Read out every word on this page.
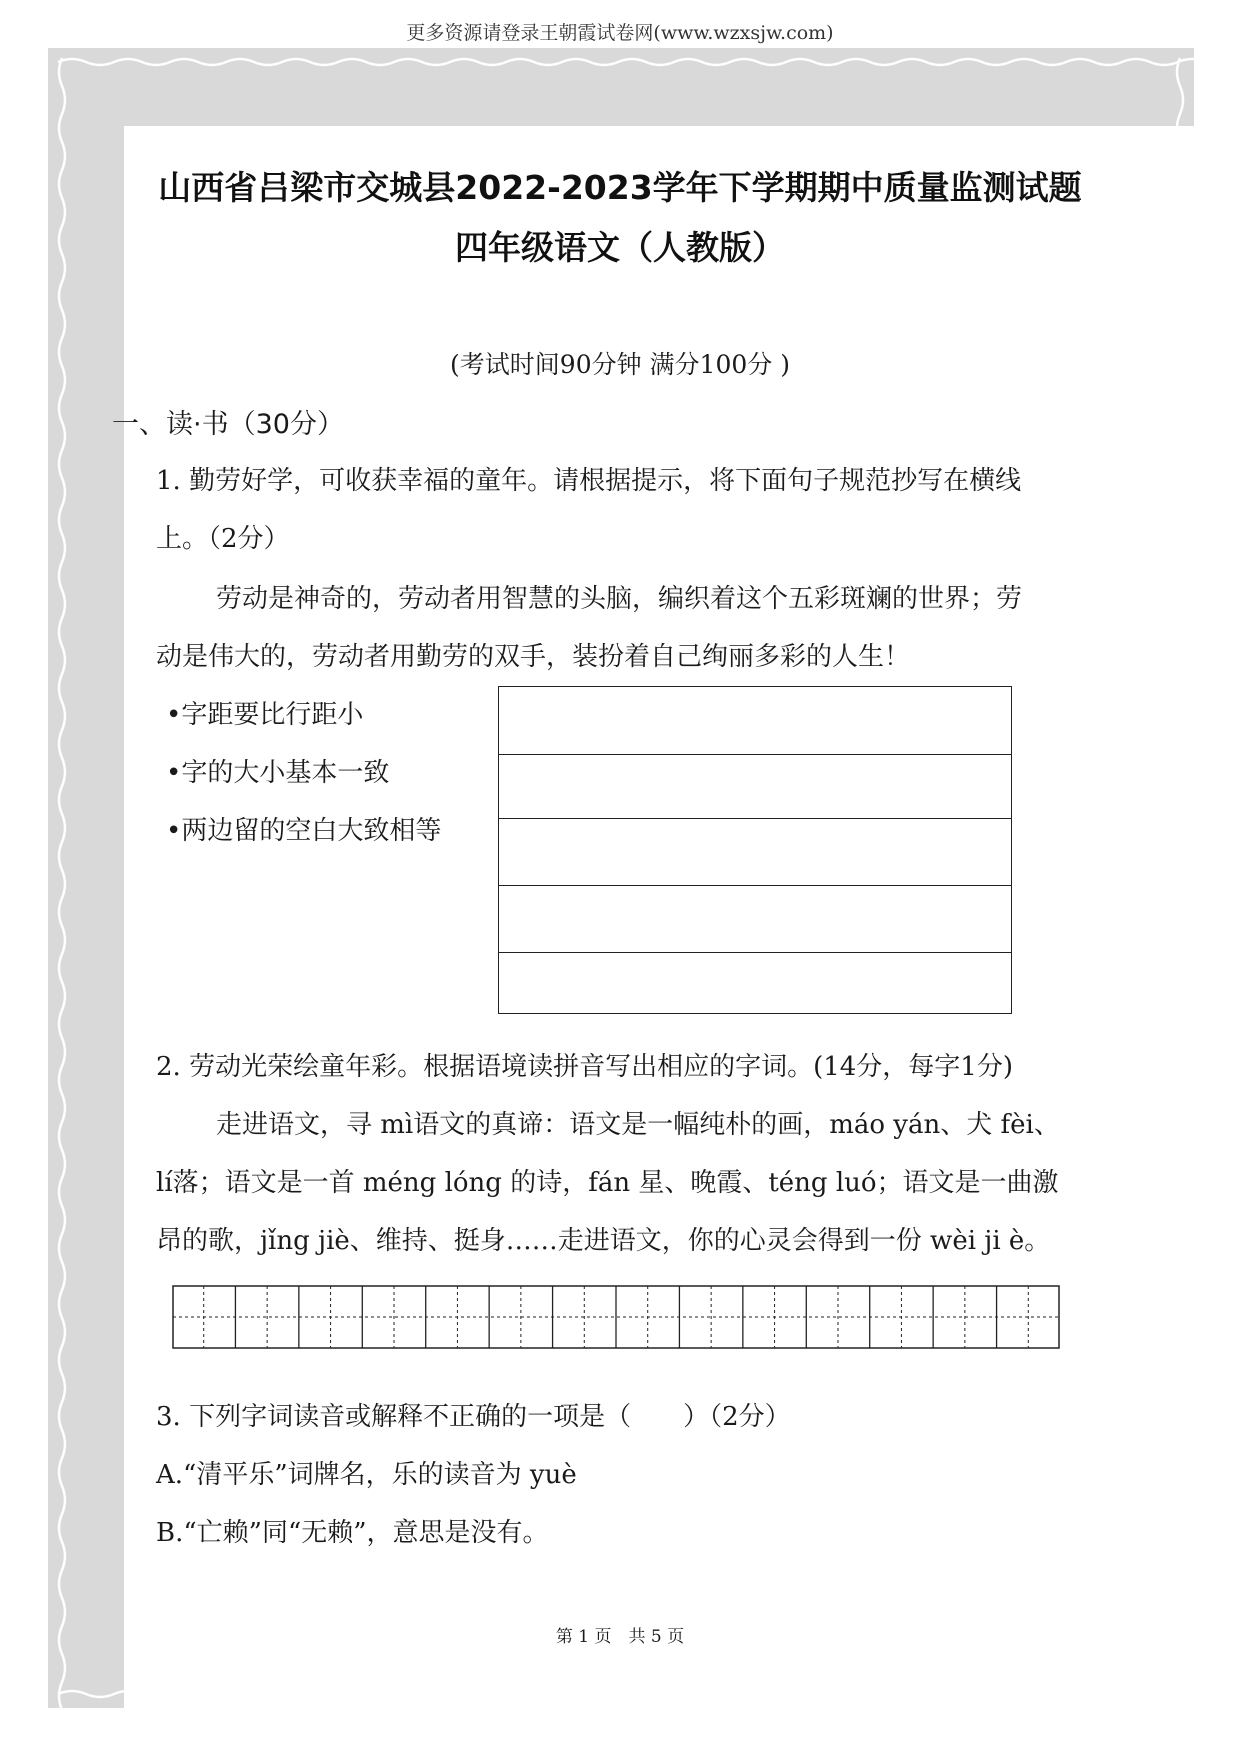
更多资源请登录王朝霞试卷网(www.wzxsjw.com)
山西省吕梁市交城县2022-2023学年下学期期中质量监测试题
四年级语文（人教版）
(考试时间90分钟 满分100分 )
一、读·书（30分）
1. 勤劳好学，可收获幸福的童年。请根据提示，将下面句子规范抄写在横线
上。（2分）
劳动是神奇的，劳动者用智慧的头脑，编织着这个五彩斑斓的世界；劳
动是伟大的，劳动者用勤劳的双手，装扮着自己绚丽多彩的人生！
•字距要比行距小
•字的大小基本一致
•两边留的空白大致相等
2. 劳动光荣绘童年彩。根据语境读拼音写出相应的字词。(14分，每字1分)
走进语文，寻 mì语文的真谛：语文是一幅纯朴的画，máo yán、犬 fèi、
lí落；语文是一首 méng lóng 的诗，fán 星、晚霞、téng luó；语文是一曲激
昂的歌，jǐng jiè、维持、挺身……走进语文，你的心灵会得到一份 wèi ji è。
3. 下列字词读音或解释不正确的一项是（　　）（2分）
A.“清平乐”词牌名，乐的读音为 yuè
B.“亡赖”同“无赖”，意思是没有。
第 1 页　共 5 页
